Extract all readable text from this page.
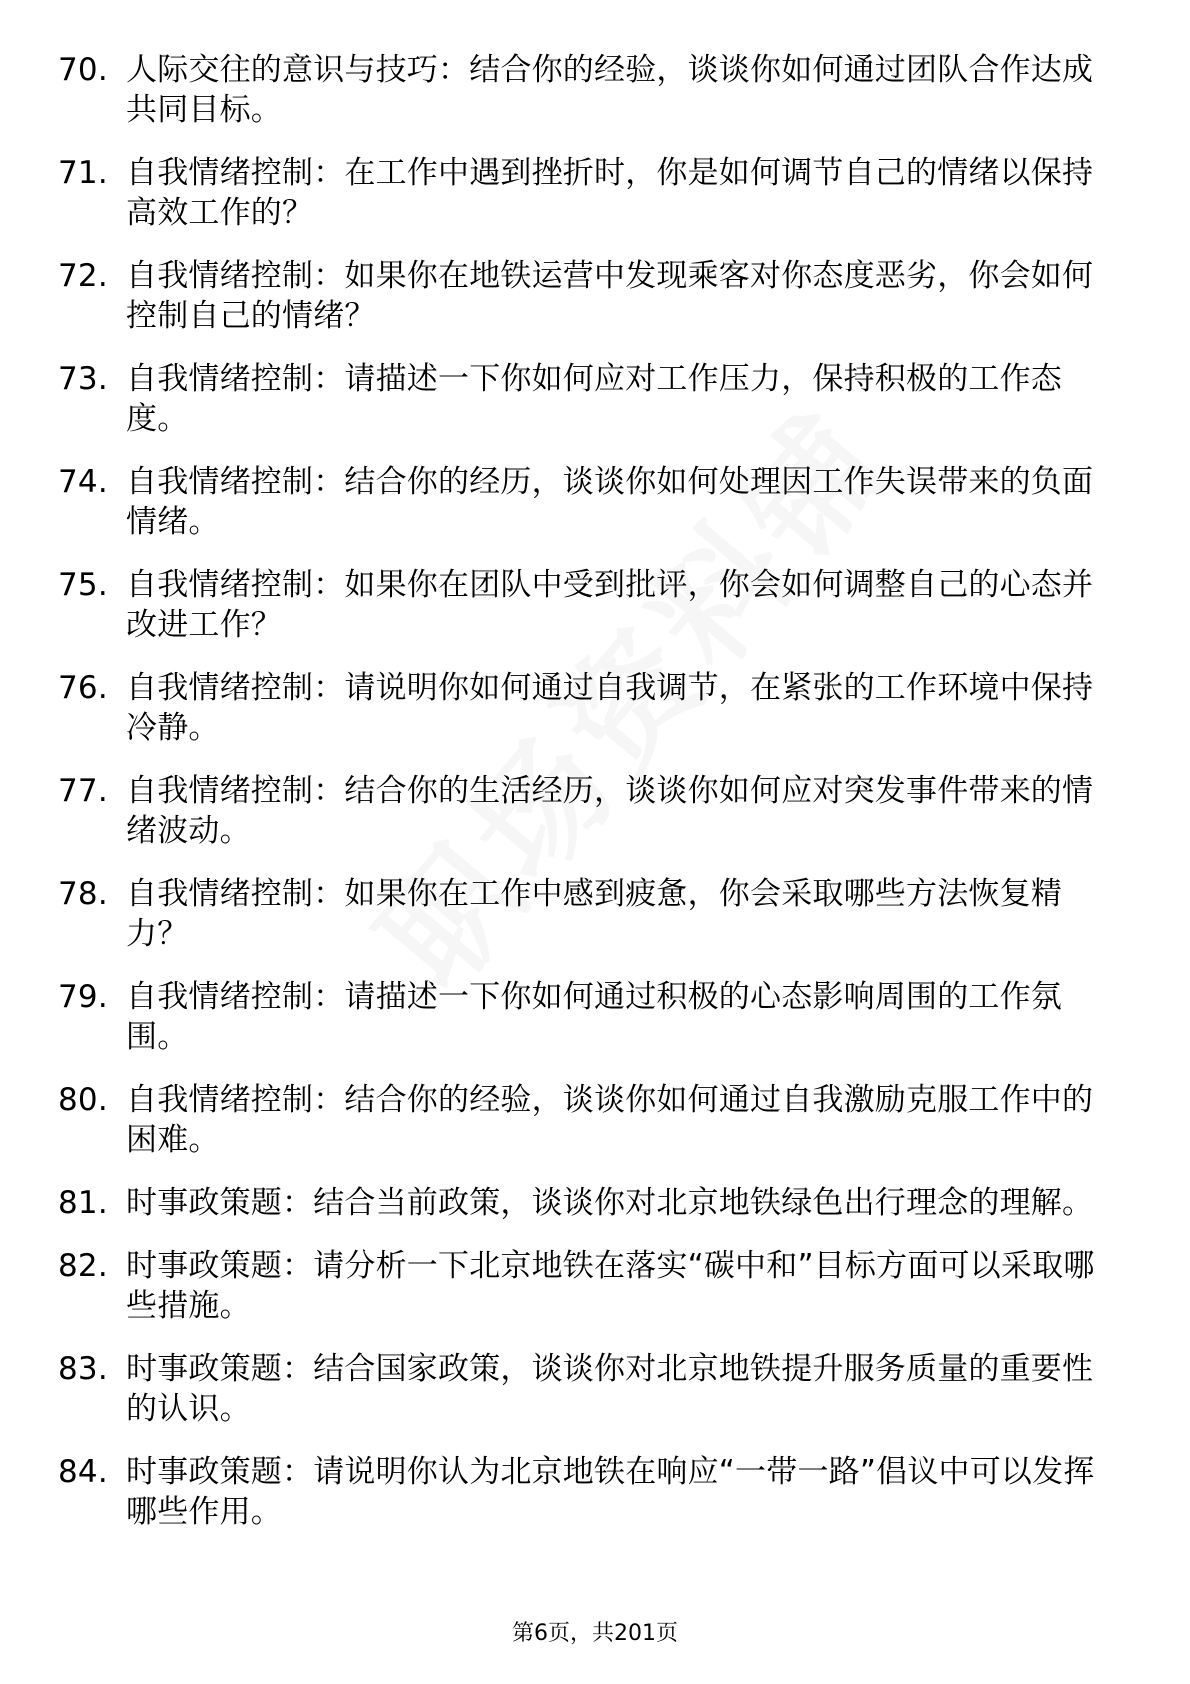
70. 人际交往的意识与技巧：结合你的经验，谈谈你如何通过团队合作达成共同目标。
71. 自我情绪控制：在工作中遇到挫折时，你是如何调节自己的情绪以保持高效工作的？
72. 自我情绪控制：如果你在地铁运营中发现乘客对你态度恶劣，你会如何控制自己的情绪？
73. 自我情绪控制：请描述一下你如何应对工作压力，保持积极的工作态度。
74. 自我情绪控制：结合你的经历，谈谈你如何处理因工作失误带来的负面情绪。
75. 自我情绪控制：如果你在团队中受到批评，你会如何调整自己的心态并改进工作？
76. 自我情绪控制：请说明你如何通过自我调节，在紧张的工作环境中保持冷静。
77. 自我情绪控制：结合你的生活经历，谈谈你如何应对突发事件带来的情绪波动。
78. 自我情绪控制：如果你在工作中感到疲惫，你会采取哪些方法恢复精力？
79. 自我情绪控制：请描述一下你如何通过积极的心态影响周围的工作氛围。
80. 自我情绪控制：结合你的经验，谈谈你如何通过自我激励克服工作中的困难。
81. 时事政策题：结合当前政策，谈谈你对北京地铁绿色出行理念的理解。
82. 时事政策题：请分析一下北京地铁在落实“碳中和”目标方面可以采取哪些措施。
83. 时事政策题：结合国家政策，谈谈你对北京地铁提升服务质量的重要性的认识。
84. 时事政策题：请说明你认为北京地铁在响应“一带一路”倡议中可以发挥哪些作用。
第6页，共201页
